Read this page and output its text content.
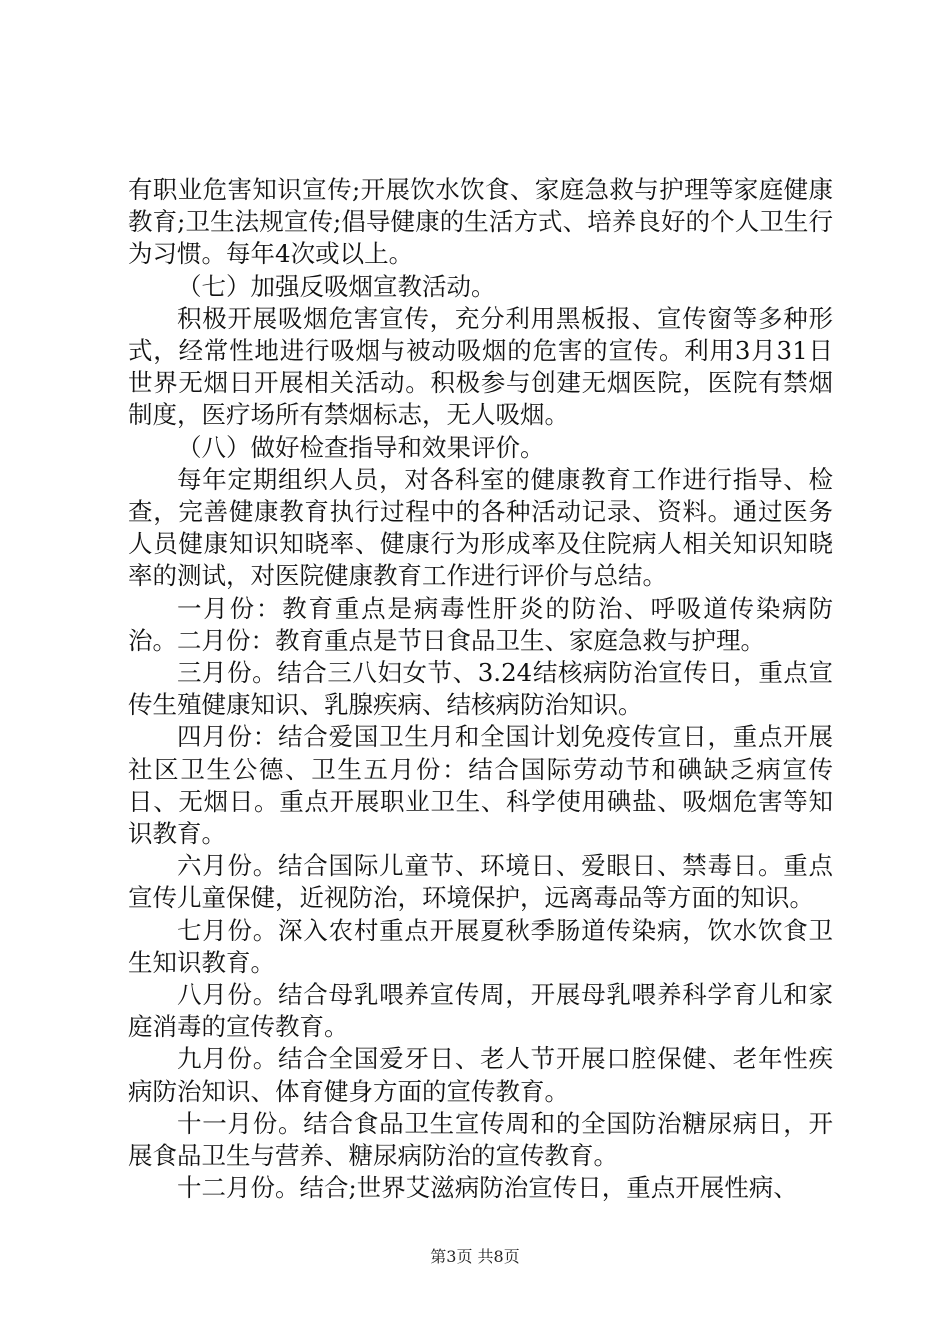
有职业危害知识宣传;开展饮水饮食、家庭急救与护理等家庭健康教育;卫生法规宣传;倡导健康的生活方式、培养良好的个人卫生行为习惯。每年4次或以上。

（七）加强反吸烟宣教活动。

积极开展吸烟危害宣传，充分利用黑板报、宣传窗等多种形式，经常性地进行吸烟与被动吸烟的危害的宣传。利用3月31日世界无烟日开展相关活动。积极参与创建无烟医院，医院有禁烟制度，医疗场所有禁烟标志，无人吸烟。

（八）做好检查指导和效果评价。

每年定期组织人员，对各科室的健康教育工作进行指导、检查，完善健康教育执行过程中的各种活动记录、资料。通过医务人员健康知识知晓率、健康行为形成率及住院病人相关知识知晓率的测试，对医院健康教育工作进行评价与总结。

一月份：教育重点是病毒性肝炎的防治、呼吸道传染病防治。二月份：教育重点是节日食品卫生、家庭急救与护理。

三月份。结合三八妇女节、3.24结核病防治宣传日，重点宣传生殖健康知识、乳腺疾病、结核病防治知识。

四月份：结合爱国卫生月和全国计划免疫传宣日，重点开展社区卫生公德、卫生五月份：结合国际劳动节和碘缺乏病宣传日、无烟日。重点开展职业卫生、科学使用碘盐、吸烟危害等知识教育。

六月份。结合国际儿童节、环境日、爱眼日、禁毒日。重点宣传儿童保健，近视防治，环境保护，远离毒品等方面的知识。

七月份。深入农村重点开展夏秋季肠道传染病，饮水饮食卫生知识教育。

八月份。结合母乳喂养宣传周，开展母乳喂养科学育儿和家庭消毒的宣传教育。

九月份。结合全国爱牙日、老人节开展口腔保健、老年性疾病防治知识、体育健身方面的宣传教育。

十一月份。结合食品卫生宣传周和的全国防治糖尿病日，开展食品卫生与营养、糖尿病防治的宣传教育。

十二月份。结合;世界艾滋病防治宣传日，重点开展性病、

第3页 共8页
